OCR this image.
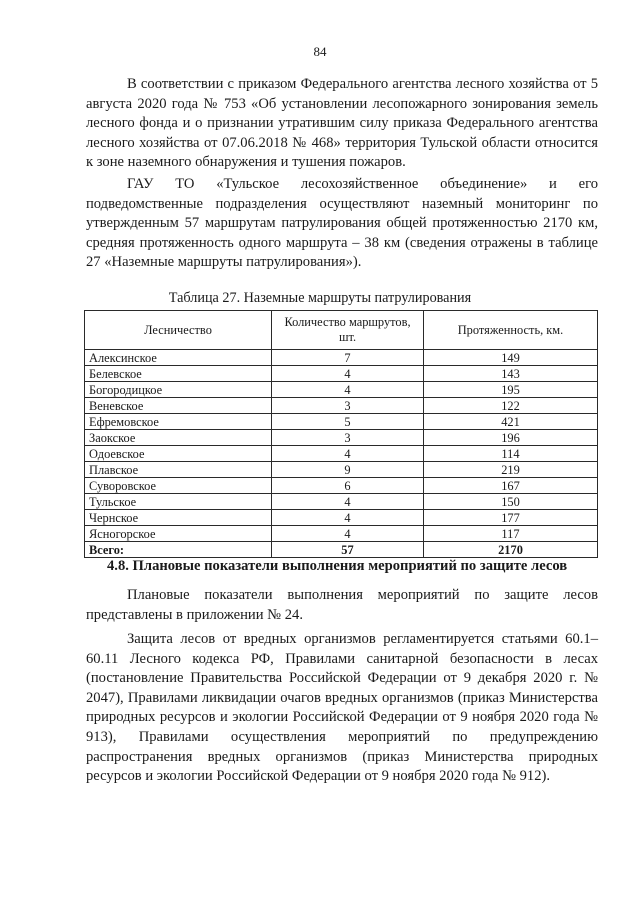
84

В соответствии с приказом Федерального агентства лесного хозяйства от 5 августа 2020 года № 753 «Об установлении лесопожарного зонирования земель лесного фонда и о признании утратившим силу приказа Федерального агентства лесного хозяйства от 07.06.2018 № 468» территория Тульской области относится к зоне наземного обнаружения и тушения пожаров.

ГАУ ТО «Тульское лесохозяйственное объединение» и его подведомственные подразделения осуществляют наземный мониторинг по утвержденным 57 маршрутам патрулирования общей протяженностью 2170 км, средняя протяженность одного маршрута – 38 км (сведения отражены в таблице 27 «Наземные маршруты патрулирования»).

Таблица 27. Наземные маршруты патрулирования
Лесничество	Количество маршрутов, шт.	Протяженность, км.
Алексинское	7	149
Белевское	4	143
Богородицкое	4	195
Веневское	3	122
Ефремовское	5	421
Заокское	3	196
Одоевское	4	114
Плавское	9	219
Суворовское	6	167
Тульское	4	150
Чернское	4	177
Ясногорское	4	117
Всего:	57	2170
4.8. Плановые показатели выполнения мероприятий по защите лесов

Плановые показатели выполнения мероприятий по защите лесов представлены в приложении № 24.

Защита лесов от вредных организмов регламентируется статьями 60.1–60.11 Лесного кодекса РФ, Правилами санитарной безопасности в лесах (постановление Правительства Российской Федерации от 9 декабря 2020 г. № 2047), Правилами ликвидации очагов вредных организмов (приказ Министерства природных ресурсов и экологии Российской Федерации от 9 ноября 2020 года № 913), Правилами осуществления мероприятий по предупреждению распространения вредных организмов (приказ Министерства природных ресурсов и экологии Российской Федерации от 9 ноября 2020 года № 912).
